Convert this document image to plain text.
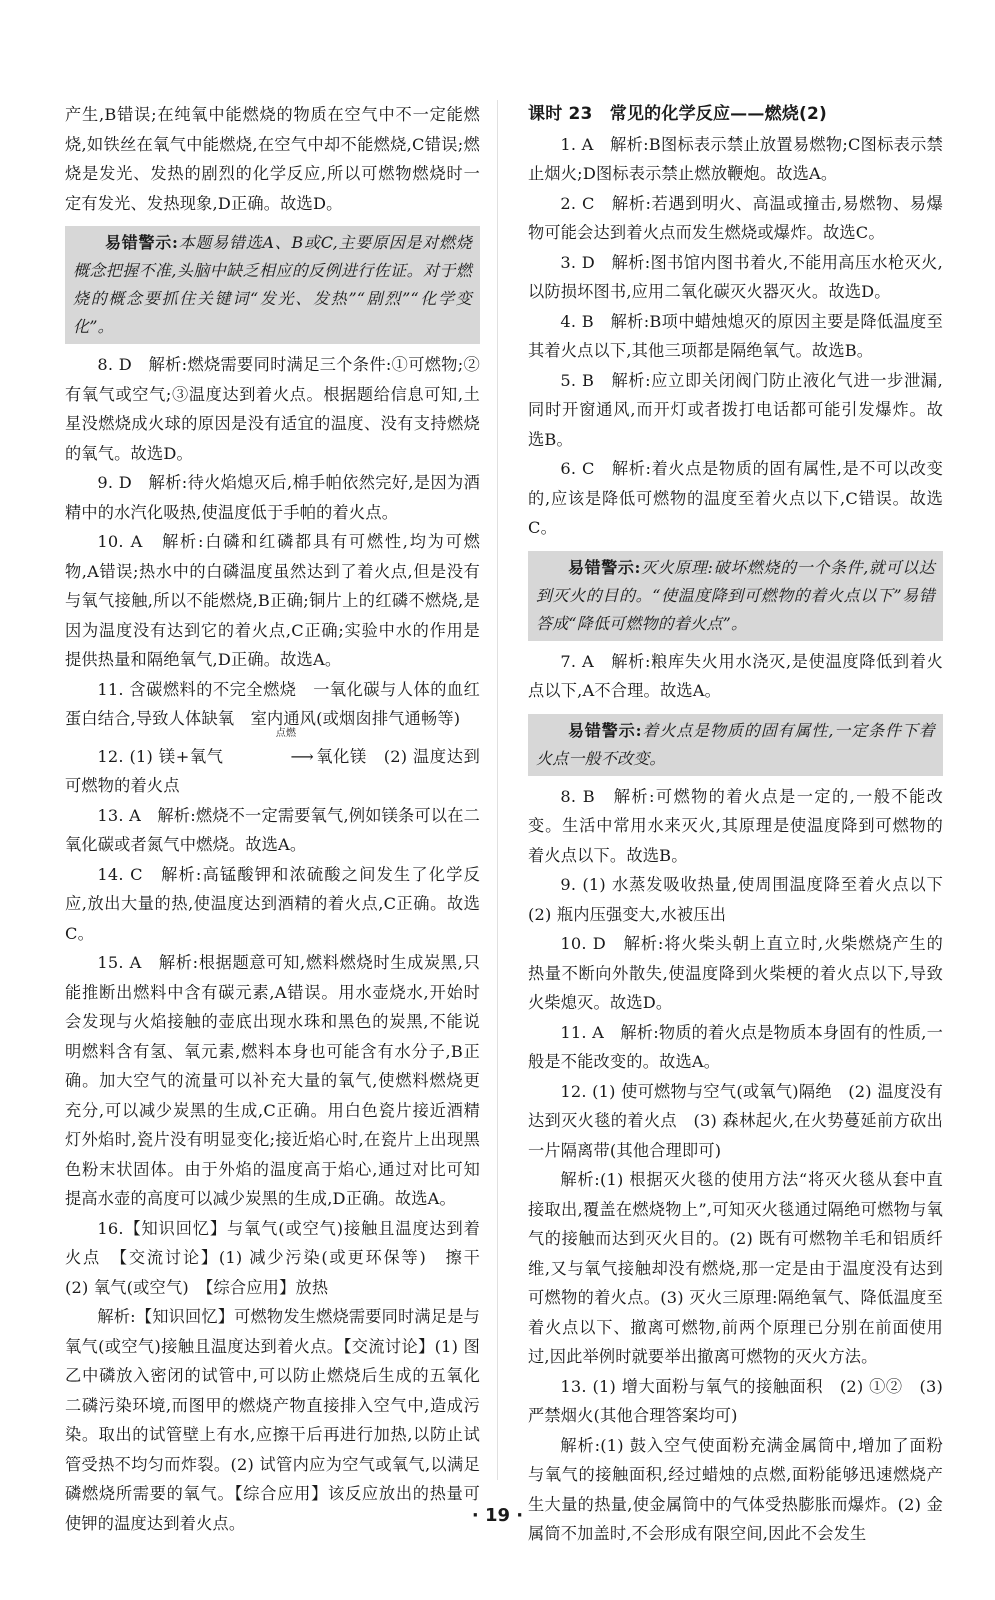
产生,B错误;在纯氧中能燃烧的物质在空气中不一定能燃烧,如铁丝在氧气中能燃烧,在空气中却不能燃烧,C错误;燃烧是发光、发热的剧烈的化学反应,所以可燃物燃烧时一定有发光、发热现象,D正确。故选D。

易错警示:本题易错选A、B或C,主要原因是对燃烧概念把握不准,头脑中缺乏相应的反例进行佐证。对于燃烧的概念要抓住关键词“发光、发热”“剧烈”“化学变化”。

8. D　解析:燃烧需要同时满足三个条件:①可燃物;②有氧气或空气;③温度达到着火点。根据题给信息可知,土星没燃烧成火球的原因是没有适宜的温度、没有支持燃烧的氧气。故选D。

9. D　解析:待火焰熄灭后,棉手帕依然完好,是因为酒精中的水汽化吸热,使温度低于手帕的着火点。

10. A　解析:白磷和红磷都具有可燃性,均为可燃物,A错误;热水中的白磷温度虽然达到了着火点,但是没有与氧气接触,所以不能燃烧,B正确;铜片上的红磷不燃烧,是因为温度没有达到它的着火点,C正确;实验中水的作用是提供热量和隔绝氧气,D正确。故选A。

11. 含碳燃料的不完全燃烧　一氧化碳与人体的血红蛋白结合,导致人体缺氧　室内通风(或烟囱排气通畅等)

12. (1) 镁+氧气
点燃
⟶ 氧化镁　(2) 温度达到可燃物的着火点

13. A　解析:燃烧不一定需要氧气,例如镁条可以在二氧化碳或者氮气中燃烧。故选A。

14. C　解析:高锰酸钾和浓硫酸之间发生了化学反应,放出大量的热,使温度达到酒精的着火点,C正确。故选C。

15. A　解析:根据题意可知,燃料燃烧时生成炭黑,只能推断出燃料中含有碳元素,A错误。用水壶烧水,开始时会发现与火焰接触的壶底出现水珠和黑色的炭黑,不能说明燃料含有氢、氧元素,燃料本身也可能含有水分子,B正确。加大空气的流量可以补充大量的氧气,使燃料燃烧更充分,可以减少炭黑的生成,C正确。用白色瓷片接近酒精灯外焰时,瓷片没有明显变化;接近焰心时,在瓷片上出现黑色粉末状固体。由于外焰的温度高于焰心,通过对比可知提高水壶的高度可以减少炭黑的生成,D正确。故选A。

16.【知识回忆】与氧气(或空气)接触且温度达到着火点　【交流讨论】(1) 减少污染(或更环保等)　擦干　(2) 氧气(或空气)　【综合应用】放热

解析:【知识回忆】可燃物发生燃烧需要同时满足是与氧气(或空气)接触且温度达到着火点。【交流讨论】(1) 图乙中磷放入密闭的试管中,可以防止燃烧后生成的五氧化二磷污染环境,而图甲的燃烧产物直接排入空气中,造成污染。取出的试管壁上有水,应擦干后再进行加热,以防止试管受热不均匀而炸裂。(2) 试管内应为空气或氧气,以满足磷燃烧所需要的氧气。【综合应用】该反应放出的热量可使钾的温度达到着火点。

课时 23　常见的化学反应——燃烧(2)

1. A　解析:B图标表示禁止放置易燃物;C图标表示禁止烟火;D图标表示禁止燃放鞭炮。故选A。

2. C　解析:若遇到明火、高温或撞击,易燃物、易爆物可能会达到着火点而发生燃烧或爆炸。故选C。

3. D　解析:图书馆内图书着火,不能用高压水枪灭火,以防损坏图书,应用二氧化碳灭火器灭火。故选D。

4. B　解析:B项中蜡烛熄灭的原因主要是降低温度至其着火点以下,其他三项都是隔绝氧气。故选B。

5. B　解析:应立即关闭阀门防止液化气进一步泄漏,同时开窗通风,而开灯或者拨打电话都可能引发爆炸。故选B。

6. C　解析:着火点是物质的固有属性,是不可以改变的,应该是降低可燃物的温度至着火点以下,C错误。故选C。

易错警示:灭火原理:破坏燃烧的一个条件,就可以达到灭火的目的。“使温度降到可燃物的着火点以下”易错答成“降低可燃物的着火点”。

7. A　解析:粮库失火用水浇灭,是使温度降低到着火点以下,A不合理。故选A。

易错警示:着火点是物质的固有属性,一定条件下着火点一般不改变。

8. B　解析:可燃物的着火点是一定的,一般不能改变。生活中常用水来灭火,其原理是使温度降到可燃物的着火点以下。故选B。

9. (1) 水蒸发吸收热量,使周围温度降至着火点以下　(2) 瓶内压强变大,水被压出

10. D　解析:将火柴头朝上直立时,火柴燃烧产生的热量不断向外散失,使温度降到火柴梗的着火点以下,导致火柴熄灭。故选D。

11. A　解析:物质的着火点是物质本身固有的性质,一般是不能改变的。故选A。

12. (1) 使可燃物与空气(或氧气)隔绝　(2) 温度没有达到灭火毯的着火点　(3) 森林起火,在火势蔓延前方砍出一片隔离带(其他合理即可)

解析:(1) 根据灭火毯的使用方法“将灭火毯从套中直接取出,覆盖在燃烧物上”,可知灭火毯通过隔绝可燃物与氧气的接触而达到灭火目的。(2) 既有可燃物羊毛和铝质纤维,又与氧气接触却没有燃烧,那一定是由于温度没有达到可燃物的着火点。(3) 灭火三原理:隔绝氧气、降低温度至着火点以下、撤离可燃物,前两个原理已分别在前面使用过,因此举例时就要举出撤离可燃物的灭火方法。

13. (1) 增大面粉与氧气的接触面积　(2) ①②　(3) 严禁烟火(其他合理答案均可)

解析:(1) 鼓入空气使面粉充满金属筒中,增加了面粉与氧气的接触面积,经过蜡烛的点燃,面粉能够迅速燃烧产生大量的热量,使金属筒中的气体受热膨胀而爆炸。(2) 金属筒不加盖时,不会形成有限空间,因此不会发生

· 19 ·
